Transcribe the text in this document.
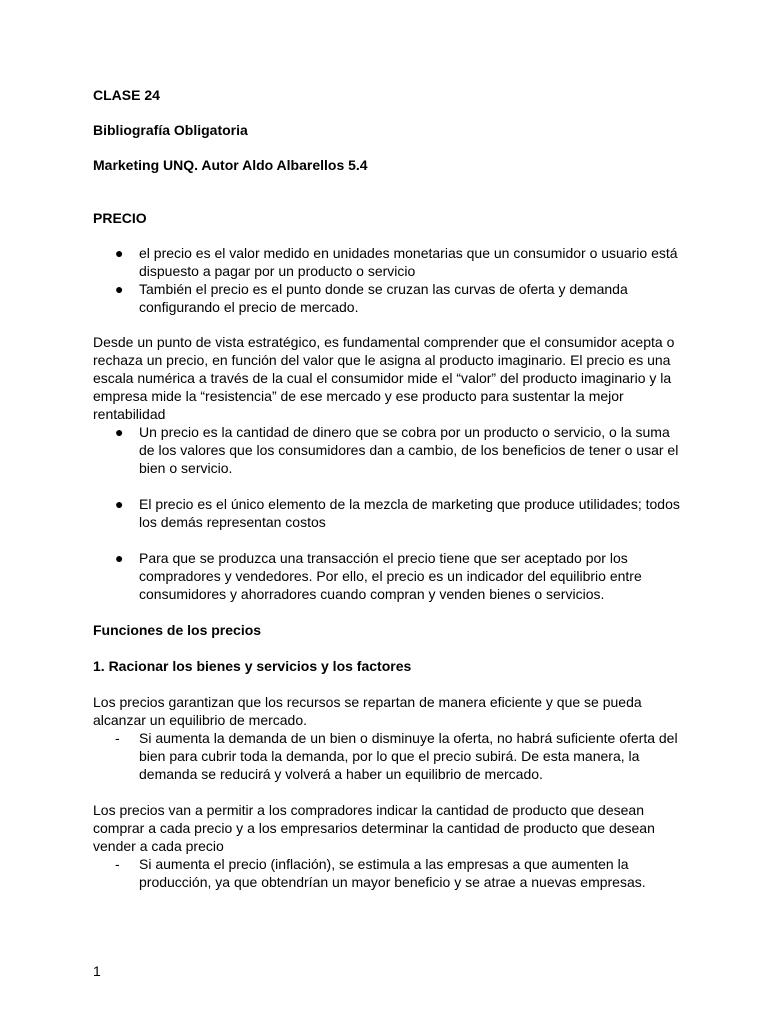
CLASE 24

Bibliografía Obligatoria

Marketing UNQ. Autor Aldo Albarellos 5.4

PRECIO

● el precio es el valor medido en unidades monetarias que un consumidor o usuario está dispuesto a pagar por un producto o servicio
● También el precio es el punto donde se cruzan las curvas de oferta y demanda configurando el precio de mercado.

Desde un punto de vista estratégico, es fundamental comprender que el consumidor acepta o rechaza un precio, en función del valor que le asigna al producto imaginario. El precio es una escala numérica a través de la cual el consumidor mide el “valor” del producto imaginario y la empresa mide la “resistencia” de ese mercado y ese producto para sustentar la mejor rentabilidad

● Un precio es la cantidad de dinero que se cobra por un producto o servicio, o la suma de los valores que los consumidores dan a cambio, de los beneficios de tener o usar el bien o servicio.
● El precio es el único elemento de la mezcla de marketing que produce utilidades; todos los demás representan costos
● Para que se produzca una transacción el precio tiene que ser aceptado por los compradores y vendedores. Por ello, el precio es un indicador del equilibrio entre consumidores y ahorradores cuando compran y venden bienes o servicios.

Funciones de los precios

1. Racionar los bienes y servicios y los factores

Los precios garantizan que los recursos se repartan de manera eficiente y que se pueda alcanzar un equilibrio de mercado.

- Si aumenta la demanda de un bien o disminuye la oferta, no habrá suficiente oferta del bien para cubrir toda la demanda, por lo que el precio subirá. De esta manera, la demanda se reducirá y volverá a haber un equilibrio de mercado.

Los precios van a permitir a los compradores indicar la cantidad de producto que desean comprar a cada precio y a los empresarios determinar la cantidad de producto que desean vender a cada precio

- Si aumenta el precio (inflación), se estimula a las empresas a que aumenten la producción, ya que obtendrían un mayor beneficio y se atrae a nuevas empresas.
1
